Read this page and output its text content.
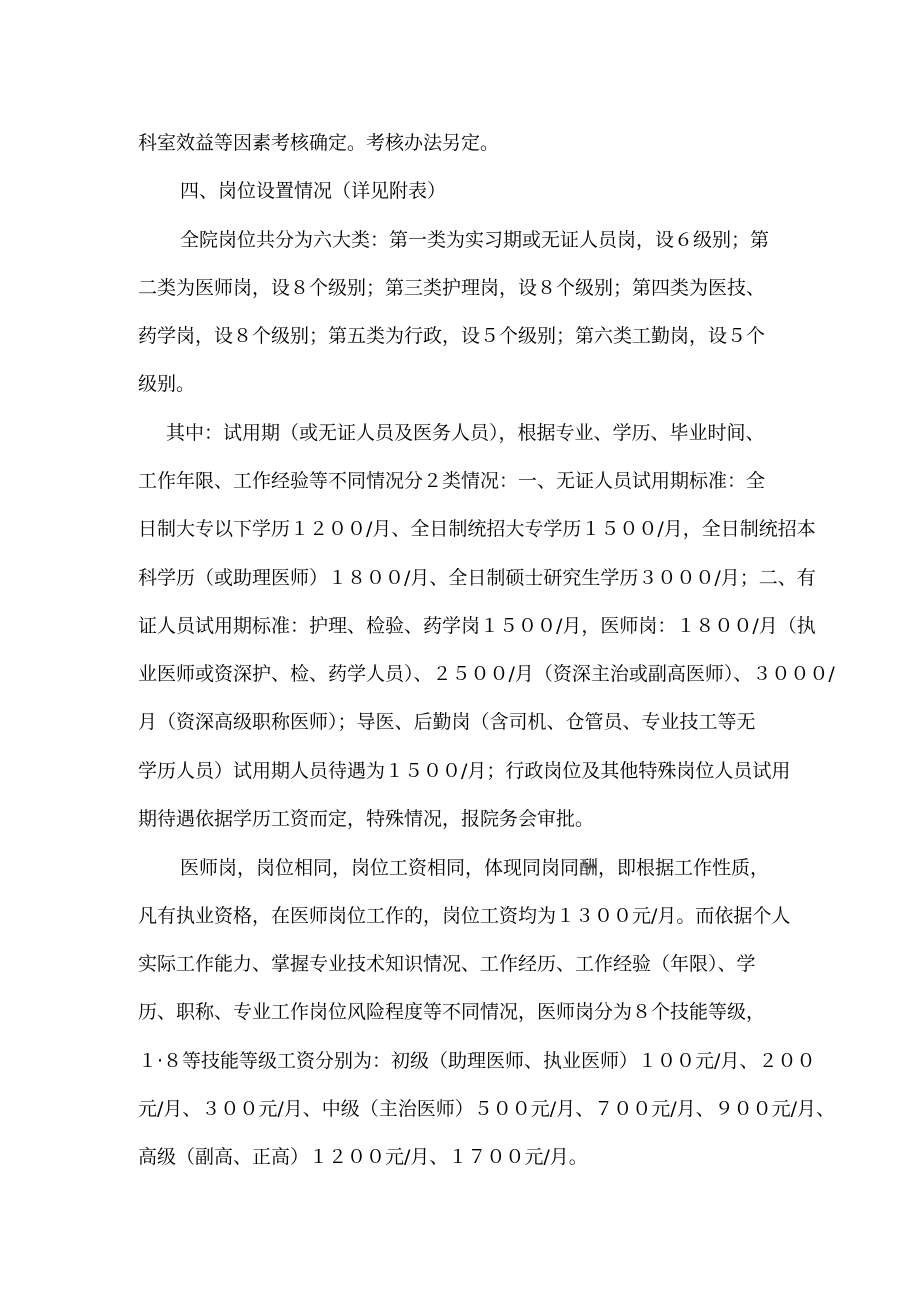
科室效益等因素考核确定。考核办法另定。
四、岗位设置情况（详见附表）
全院岗位共分为六大类：第一类为实习期或无证人员岗，设６级别；第
二类为医师岗，设８个级别；第三类护理岗，设８个级别；第四类为医技、
药学岗，设８个级别；第五类为行政，设５个级别；第六类工勤岗，设５个
级别。
其中：试用期（或无证人员及医务人员），根据专业、学历、毕业时间、
工作年限、工作经验等不同情况分２类情况：一、无证人员试用期标准：全
日制大专以下学历１２００/月、全日制统招大专学历１５００/月，全日制统招本
科学历（或助理医师）１８００/月、全日制硕士研究生学历３０００/月；二、有
证人员试用期标准：护理、检验、药学岗１５００/月，医师岗：１８００/月（执
业医师或资深护、检、药学人员）、２５００/月（资深主治或副高医师）、３０００/
月（资深高级职称医师）；导医、后勤岗（含司机、仓管员、专业技工等无
学历人员）试用期人员待遇为１５００/月；行政岗位及其他特殊岗位人员试用
期待遇依据学历工资而定，特殊情况，报院务会审批。
医师岗，岗位相同，岗位工资相同，体现同岗同酬，即根据工作性质，
凡有执业资格，在医师岗位工作的，岗位工资均为１３００元/月。而依据个人
实际工作能力、掌握专业技术知识情况、工作经历、工作经验（年限）、学
历、职称、专业工作岗位风险程度等不同情况，医师岗分为８个技能等级，
１·８等技能等级工资分别为：初级（助理医师、执业医师）１００元/月、２００
元/月、３００元/月、中级（主治医师）５００元/月、７００元/月、９００元/月、
高级（副高、正高）１２００元/月、１７００元/月。
